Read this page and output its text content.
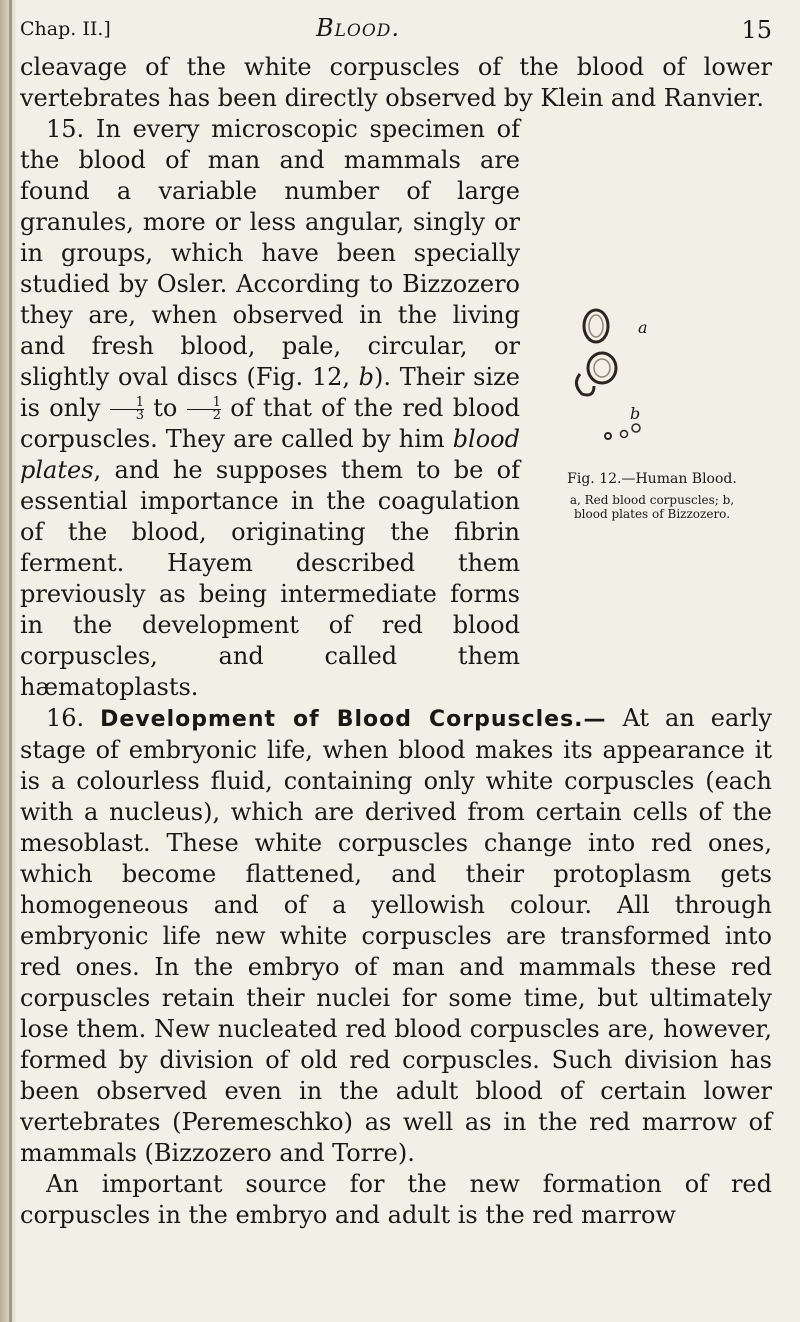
Chap. II.]	Blood.	15
a
b
Fig. 12.—Human Blood.
a, Red blood corpuscles; b, blood plates of Bizzozero.

cleavage of the white corpuscles of the blood of lower vertebrates has been directly observed by Klein and Ranvier.

15. In every microscopic specimen of the blood of man and mammals are found a variable number of large granules, more or less angular, singly or in groups, which have been specially studied by Osler. According to Bizzozero they are, when observed in the living and fresh blood, pale, circular, or slightly oval discs (Fig. 12, b). Their size is only $\frac{1}{3}$ to $\frac{1}{2}$ of that of the red blood corpuscles. They are called by him blood plates, and he supposes them to be of essential importance in the coagulation of the blood, originating the fibrin ferment. Hayem described them previously as being intermediate forms in the development of red blood corpuscles, and called them hæmatoplasts.

16. Development of Blood Corpuscles.— At an early stage of embryonic life, when blood makes its appearance it is a colourless fluid, containing only white corpuscles (each with a nucleus), which are derived from certain cells of the mesoblast. These white corpuscles change into red ones, which become flattened, and their protoplasm gets homogeneous and of a yellowish colour. All through embryonic life new white corpuscles are transformed into red ones. In the embryo of man and mammals these red corpuscles retain their nuclei for some time, but ultimately lose them. New nucleated red blood corpuscles are, however, formed by division of old red corpuscles. Such division has been observed even in the adult blood of certain lower vertebrates (Peremeschko) as well as in the red marrow of mammals (Bizzozero and Torre).

An important source for the new formation of red corpuscles in the embryo and adult is the red marrow
